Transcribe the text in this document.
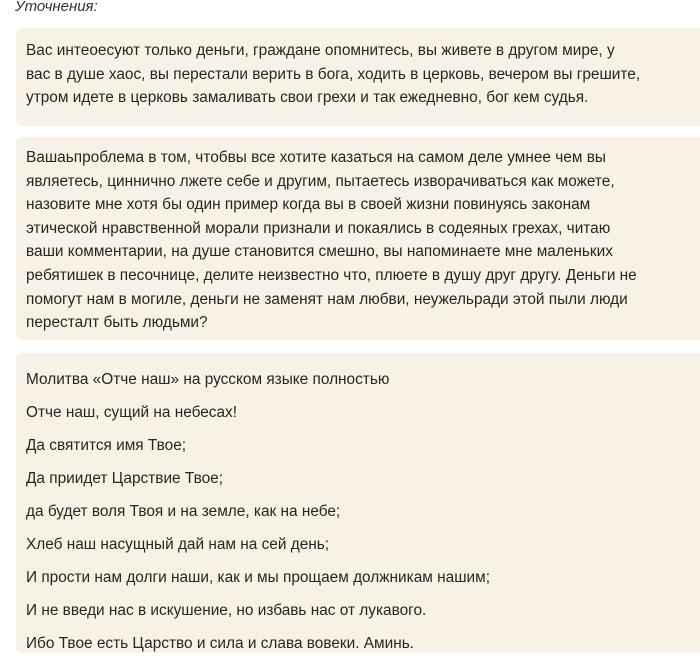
Уточнения:

Вас интеоесуют только деньги, граждане опомнитесь, вы живете в другом мире, у

вас в душе хаос, вы перестали верить в бога, ходить в церковь, вечером вы грешите,

утром идете в церковь замаливать свои грехи и так ежедневно, бог кем судья.

Вашаьпроблема в том, чтобвы все хотите казаться на самом деле умнее чем вы

являетесь, циннично лжете себе и другим, пытаетесь изворачиваться как можете,

назовите мне хотя бы один пример когда вы в своей жизни повинуясь законам

этической нравственной морали признали и покаялись в содеяных грехах, читаю

ваши комментарии, на душе становится смешно, вы напоминаете мне маленьких

ребятишек в песочнице, делите неизвестно что, плюете в душу друг другу. Деньги не

помогут нам в могиле, деньги не заменят нам любви, неужельради этой пыли люди

пересталт быть людьми?

Молитва «Отче наш» на русском языке полностью

Отче наш, сущий на небесах!

Да святится имя Твое;

Да приидет Царствие Твое;

да будет воля Твоя и на земле, как на небе;

Хлеб наш насущный дай нам на сей день;

И прости нам долги наши, как и мы прощаем должникам нашим;

И не введи нас в искушение, но избавь нас от лукавого.

Ибо Твое есть Царство и сила и слава вовеки. Аминь.
